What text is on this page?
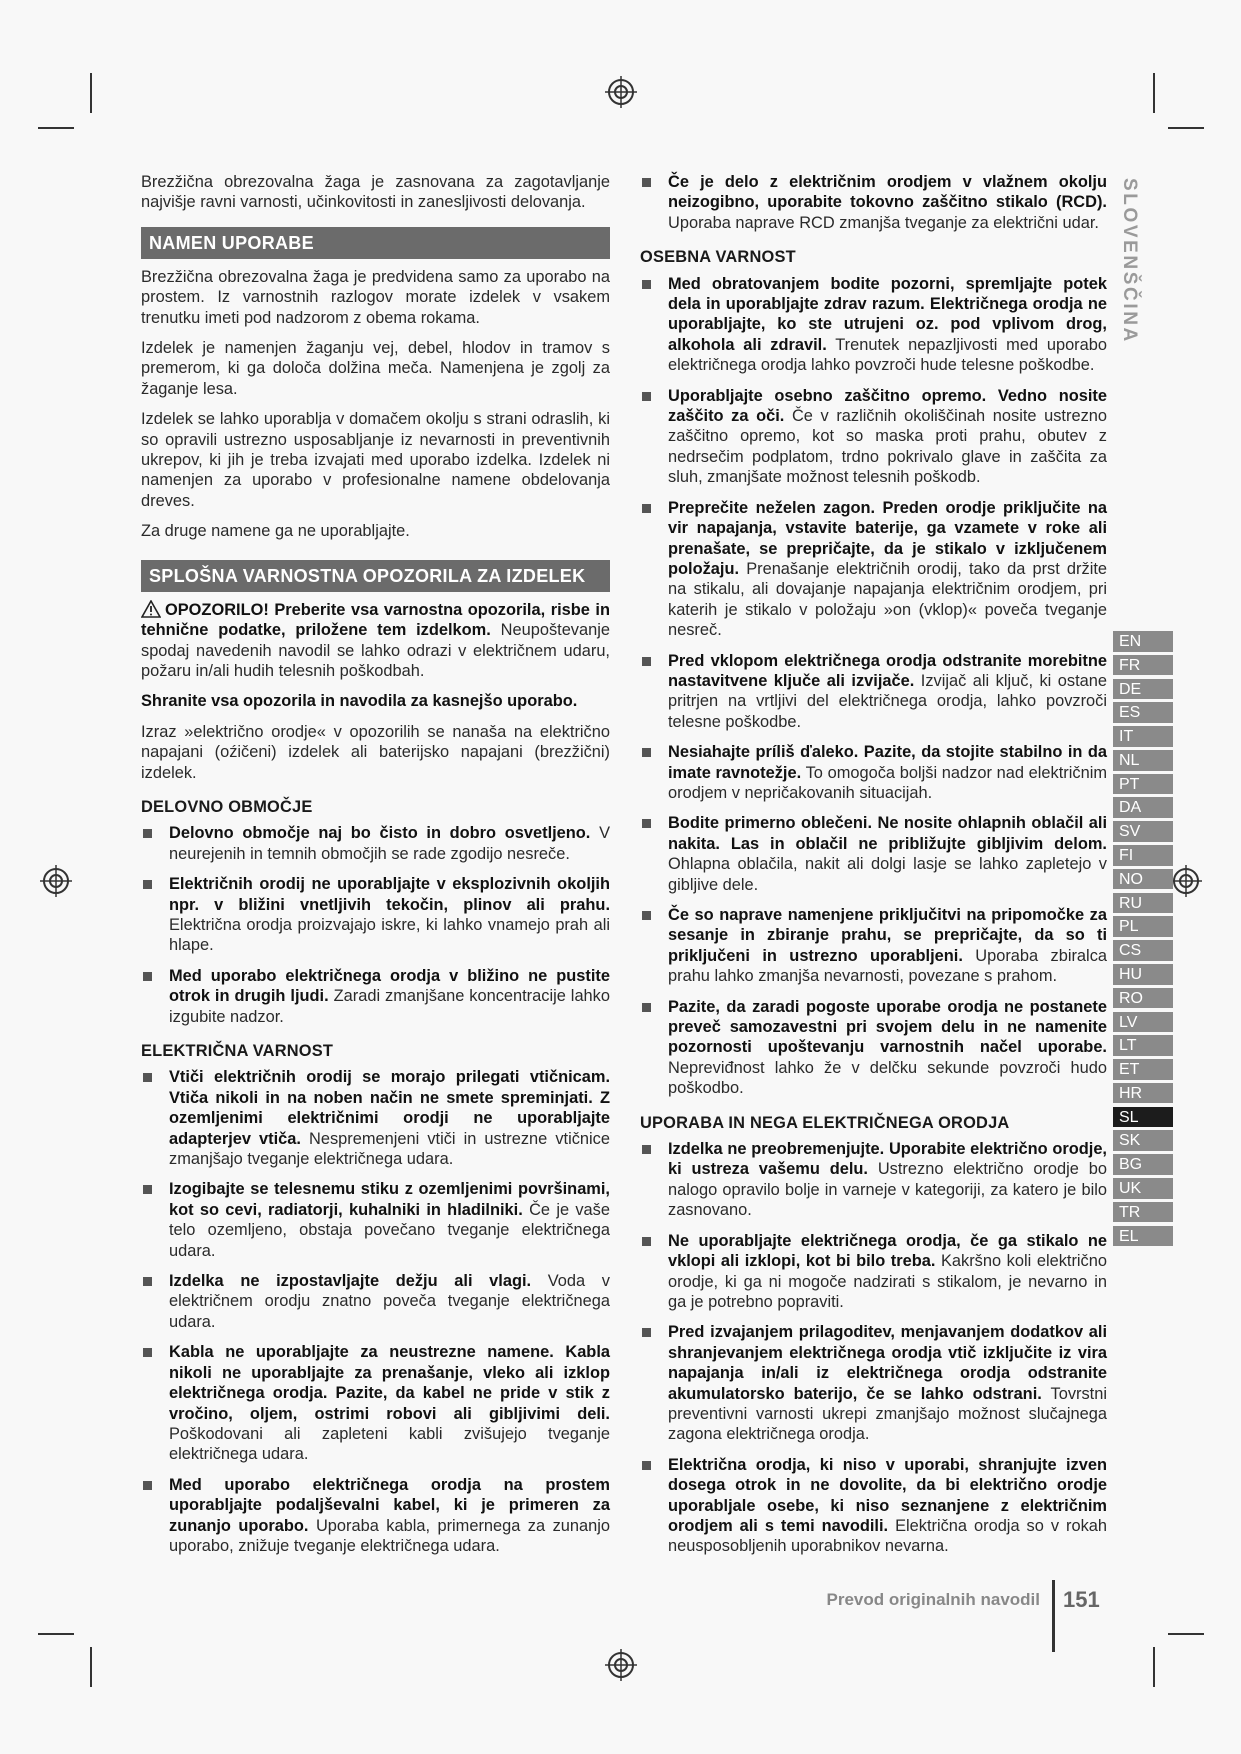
Brezžična obrezovalna žaga je zasnovana za zagotavljanje najvišje ravni varnosti, učinkovitosti in zanesljivosti delovanja.

NAMEN UPORABE

Brezžična obrezovalna žaga je predvidena samo za uporabo na prostem. Iz varnostnih razlogov morate izdelek v vsakem trenutku imeti pod nadzorom z obema rokama.

Izdelek je namenjen žaganju vej, debel, hlodov in tramov s premerom, ki ga določa dolžina meča. Namenjena je zgolj za žaganje lesa.

Izdelek se lahko uporablja v domačem okolju s strani odraslih, ki so opravili ustrezno usposabljanje iz nevarnosti in preventivnih ukrepov, ki jih je treba izvajati med uporabo izdelka. Izdelek ni namenjen za uporabo v profesionalne namene obdelovanja dreves.

Za druge namene ga ne uporabljajte.

SPLOŠNA VARNOSTNA OPOZORILA ZA IZDELEK

OPOZORILO! Preberite vsa varnostna opozorila, risbe in tehnične podatke, priložene tem izdelkom. Neupoštevanje spodaj navedenih navodil se lahko odrazi v električnem udaru, požaru in/ali hudih telesnih poškodbah.

Shranite vsa opozorila in navodila za kasnejšo uporabo.

Izraz »električno orodje« v opozorilih se nanaša na električno napajani (oźičeni) izdelek ali baterijsko napajani (brezžični) izdelek.

DELOVNO OBMOČJE
Delovno območje naj bo čisto in dobro osvetljeno. V neurejenih in temnih območjih se rade zgodijo nesreče.
Električnih orodij ne uporabljajte v eksplozivnih okoljih npr. v bližini vnetljivih tekočin, plinov ali prahu. Električna orodja proizvajajo iskre, ki lahko vnamejo prah ali hlape.
Med uporabo električnega orodja v bližino ne pustite otrok in drugih ljudi. Zaradi zmanjšane koncentracije lahko izgubite nadzor.
ELEKTRIČNA VARNOST
Vtiči električnih orodij se morajo prilegati vtičnicam. Vtiča nikoli in na noben način ne smete spreminjati. Z ozemljenimi električnimi orodji ne uporabljajte adapterjev vtiča. Nespremenjeni vtiči in ustrezne vtičnice zmanjšajo tveganje električnega udara.
Izogibajte se telesnemu stiku z ozemljenimi površinami, kot so cevi, radiatorji, kuhalniki in hladilniki. Če je vaše telo ozemljeno, obstaja povečano tveganje električnega udara.
Izdelka ne izpostavljajte dežju ali vlagi. Voda v električnem orodju znatno poveča tveganje električnega udara.
Kabla ne uporabljajte za neustrezne namene. Kabla nikoli ne uporabljajte za prenašanje, vleko ali izklop električnega orodja. Pazite, da kabel ne pride v stik z vročino, oljem, ostrimi robovi ali gibljivimi deli. Poškodovani ali zapleteni kabli zvišujejo tveganje električnega udara.
Med uporabo električnega orodja na prostem uporabljajte podaljševalni kabel, ki je primeren za zunanjo uporabo. Uporaba kabla, primernega za zunanjo uporabo, znižuje tveganje električnega udara.
Če je delo z električnim orodjem v vlažnem okolju neizogibno, uporabite tokovno zaščitno stikalo (RCD). Uporaba naprave RCD zmanjša tveganje za električni udar.
OSEBNA VARNOST
Med obratovanjem bodite pozorni, spremljajte potek dela in uporabljajte zdrav razum. Električnega orodja ne uporabljajte, ko ste utrujeni oz. pod vplivom drog, alkohola ali zdravil. Trenutek nepazljivosti med uporabo električnega orodja lahko povzroči hude telesne poškodbe.
Uporabljajte osebno zaščitno opremo. Vedno nosite zaščito za oči. Če v različnih okoliščinah nosite ustrezno zaščitno opremo, kot so maska proti prahu, obutev z nedrsečim podplatom, trdno pokrivalo glave in zaščita za sluh, zmanjšate možnost telesnih poškodb.
Preprečite neželen zagon. Preden orodje priključite na vir napajanja, vstavite baterije, ga vzamete v roke ali prenašate, se prepričajte, da je stikalo v izključenem položaju. Prenašanje električnih orodij, tako da prst držite na stikalu, ali dovajanje napajanja električnim orodjem, pri katerih je stikalo v položaju »on (vklop)« poveča tveganje nesreč.
Pred vklopom električnega orodja odstranite morebitne nastavitvene ključe ali izvijače. Izvijač ali ključ, ki ostane pritrjen na vrtljivi del električnega orodja, lahko povzroči telesne poškodbe.
Nesiahajte príliš ďaleko. Pazite, da stojite stabilno in da imate ravnotežje. To omogoča boljši nadzor nad električnim orodjem v nepričakovanih situacijah.
Bodite primerno oblečeni. Ne nosite ohlapnih oblačil ali nakita. Las in oblačil ne približujte gibljivim delom. Ohlapna oblačila, nakit ali dolgi lasje se lahko zapletejo v gibljive dele.
Če so naprave namenjene priključitvi na pripomočke za sesanje in zbiranje prahu, se prepričajte, da so ti priključeni in ustrezno uporabljeni. Uporaba zbiralca prahu lahko zmanjša nevarnosti, povezane s prahom.
Pazite, da zaradi pogoste uporabe orodja ne postanete preveč samozavestni pri svojem delu in ne namenite pozornosti upoštevanju varnostnih načel uporabe. Nepreviđnost lahko že v delčku sekunde povzroči hudo poškodbo.
UPORABA IN NEGA ELEKTRIČNEGA ORODJA
Izdelka ne preobremenjujte. Uporabite električno orodje, ki ustreza vašemu delu. Ustrezno električno orodje bo nalogo opravilo bolje in varneje v kategoriji, za katero je bilo zasnovano.
Ne uporabljajte električnega orodja, če ga stikalo ne vklopi ali izklopi, kot bi bilo treba. Kakršno koli električno orodje, ki ga ni mogoče nadzirati s stikalom, je nevarno in ga je potrebno popraviti.
Pred izvajanjem prilagoditev, menjavanjem dodatkov ali shranjevanjem električnega orodja vtič izključite iz vira napajanja in/ali iz električnega orodja odstranite akumulatorsko baterijo, če se lahko odstrani. Tovrstni preventivni varnosti ukrepi zmanjšajo možnost slučajnega zagona električnega orodja.
Električna orodja, ki niso v uporabi, shranjujte izven dosega otrok in ne dovolite, da bi električno orodje uporabljale osebe, ki niso seznanjene z električnim orodjem ali s temi navodili. Električna orodja so v rokah neusposobljenih uporabnikov nevarna.
SLOVENŠČINA
EN
FR
DE
ES
IT
NL
PT
DA
SV
FI
NO
RU
PL
CS
HU
RO
LV
LT
ET
HR
SL
SK
BG
UK
TR
EL
Prevod originalnih navodil 151
